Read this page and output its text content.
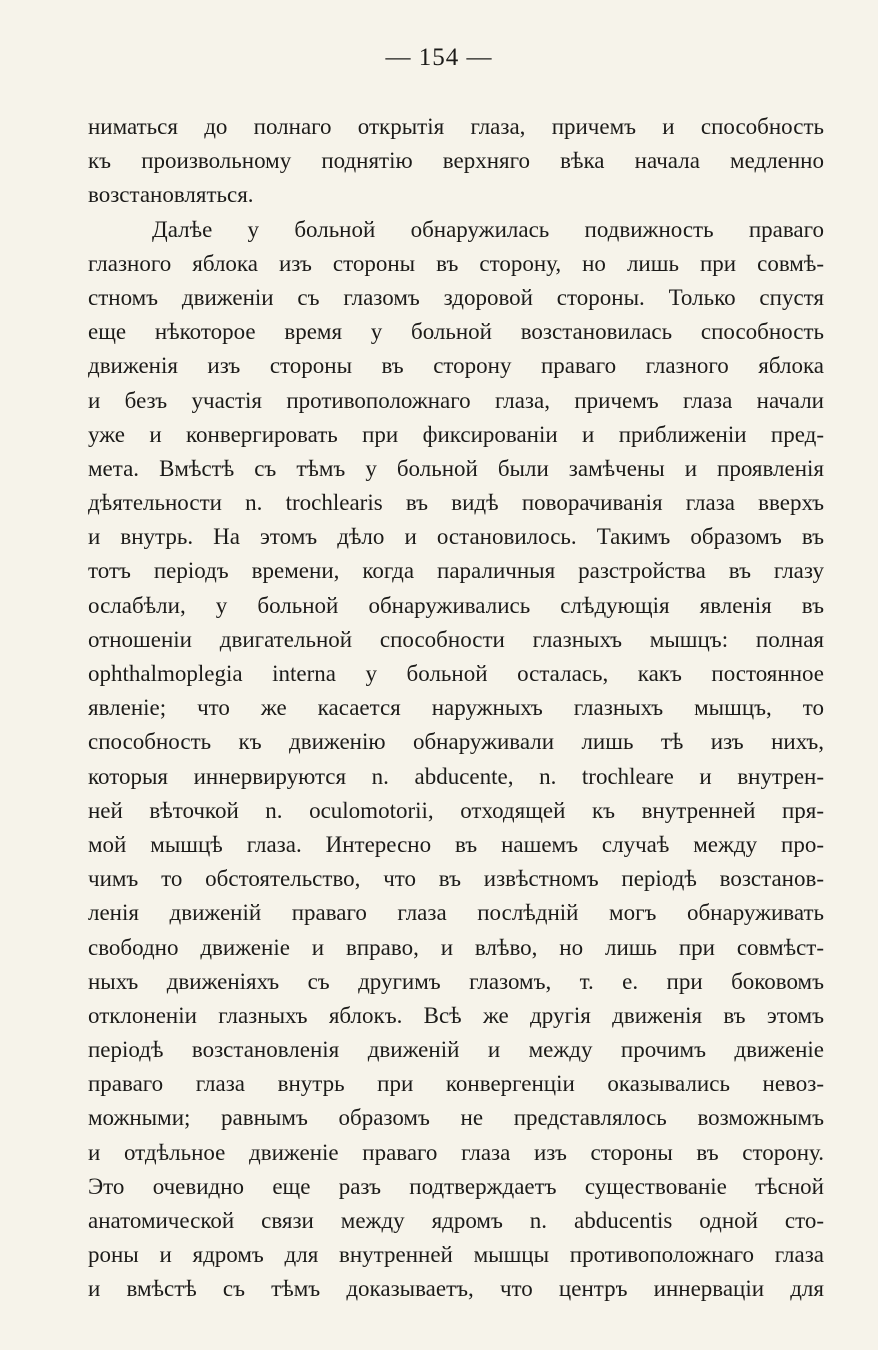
— 154 —
ниматься до полнаго открытія глаза, причемъ и способность
къ произвольному поднятію верхняго вѣка начала медленно
возстановляться.
Далѣе у больной обнаружилась подвижность праваго
глазного яблока изъ стороны въ сторону, но лишь при совмѣ-
стномъ движеніи съ глазомъ здоровой стороны. Только спустя
еще нѣкоторое время у больной возстановилась способность
движенія изъ стороны въ сторону праваго глазного яблока
и безъ участія противоположнаго глаза, причемъ глаза начали
уже и конвергировать при фиксированіи и приближеніи пред-
мета. Вмѣстѣ съ тѣмъ у больной были замѣчены и проявленія
дѣятельности n. trochlearis въ видѣ поворачиванія глаза вверхъ
и внутрь. На этомъ дѣло и остановилось. Такимъ образомъ въ
тотъ періодъ времени, когда параличныя разстройства въ глазу
ослабѣли, у больной обнаруживались слѣдующія явленія въ
отношеніи двигательной способности глазныхъ мышцъ: полная
ophthalmoplegia interna у больной осталась, какъ постоянное
явленіе; что же касается наружныхъ глазныхъ мышцъ, то
способность къ движенію обнаруживали лишь тѣ изъ нихъ,
которыя иннервируются n. abducente, n. trochleare и внутрен-
ней вѣточкой n. oculomotorii, отходящей къ внутренней пря-
мой мышцѣ глаза. Интересно въ нашемъ случаѣ между про-
чимъ то обстоятельство, что въ извѣстномъ періодѣ возстанов-
ленія движеній праваго глаза послѣдній могъ обнаруживать
свободно движеніе и вправо, и влѣво, но лишь при совмѣст-
ныхъ движеніяхъ съ другимъ глазомъ, т. е. при боковомъ
отклоненіи глазныхъ яблокъ. Всѣ же другія движенія въ этомъ
періодѣ возстановленія движеній и между прочимъ движеніе
праваго глаза внутрь при конвергенціи оказывались невоз-
можными; равнымъ образомъ не представлялось возможнымъ
и отдѣльное движеніе праваго глаза изъ стороны въ сторону.
Это очевидно еще разъ подтверждаетъ существованіе тѣсной
анатомической связи между ядромъ n. abducentis одной сто-
роны и ядромъ для внутренней мышцы противоположнаго глаза
и вмѣстѣ съ тѣмъ доказываетъ, что центръ иннерваціи для
